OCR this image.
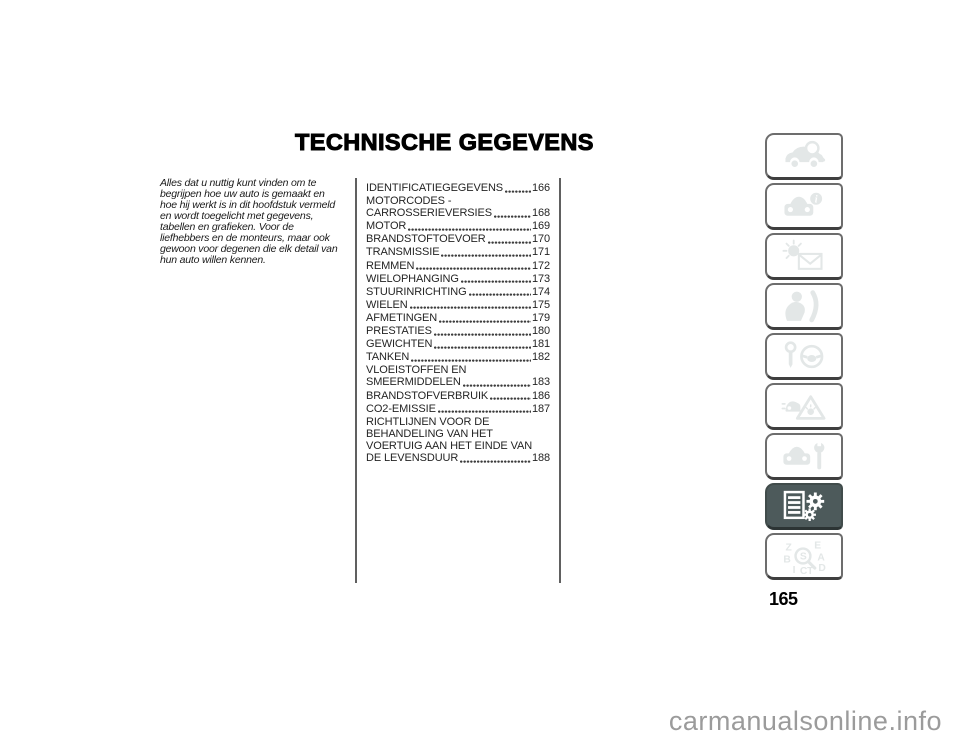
TECHNISCHE GEGEVENS
Alles dat u nuttig kunt vinden om te
begrijpen hoe uw auto is gemaakt en
hoe hij werkt is in dit hoofdstuk vermeld
en wordt toegelicht met gegevens,
tabellen en grafieken. Voor de
liefhebbers en de monteurs, maar ook
gewoon voor degenen die elk detail van
hun auto willen kennen.
IDENTIFICATIEGEGEVENS	166
MOTORCODES -
CARROSSERIEVERSIES	168
MOTOR	169
BRANDSTOFTOEVOER	170
TRANSMISSIE	171
REMMEN	172
WIELOPHANGING	173
STUURINRICHTING	174
WIELEN	175
AFMETINGEN	179
PRESTATIES	180
GEWICHTEN	181
TANKEN	182
VLOEISTOFFEN EN
SMEERMIDDELEN	183
BRANDSTOFVERBRUIK	186
CO2-EMISSIE	187
RICHTLIJNEN VOOR DE
BEHANDELING VAN HET
VOERTUIG AAN HET EINDE VAN
DE LEVENSDUUR	188
i
Z E
B	A
D
S
I C T
165
carmanualsonline.info
